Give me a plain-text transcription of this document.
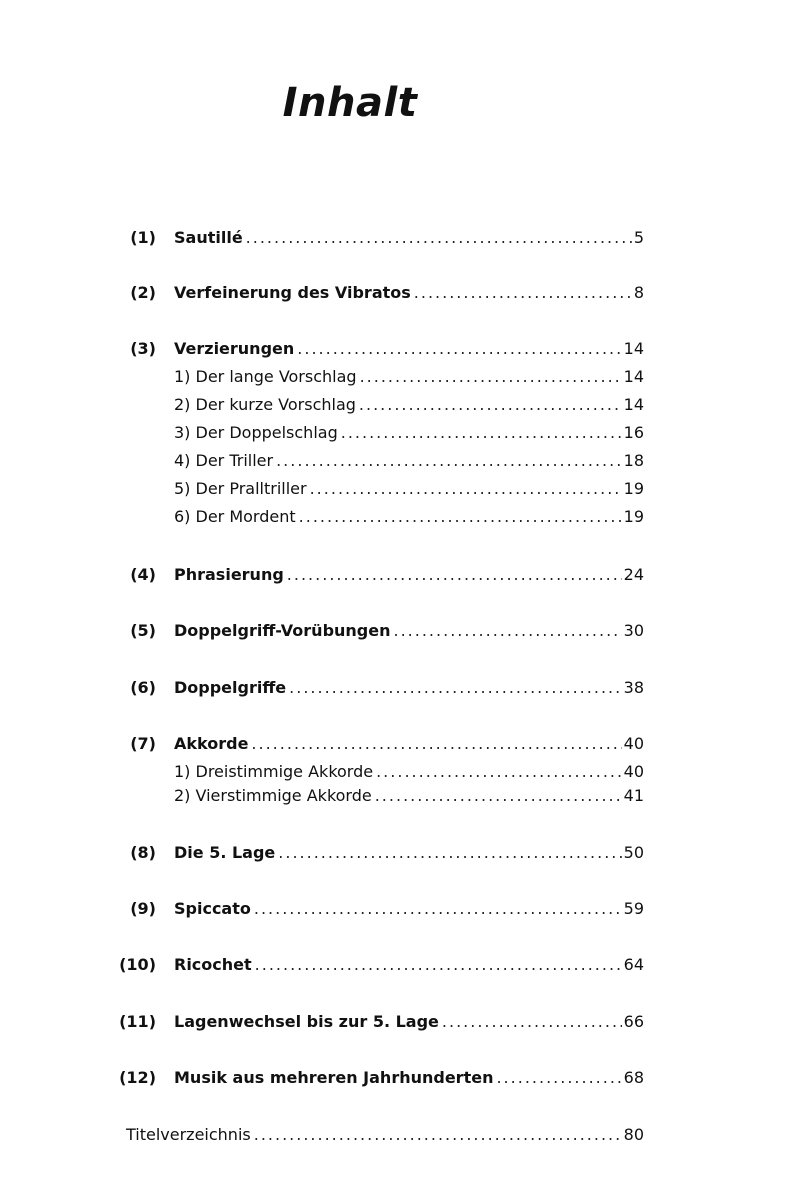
Inhalt
(1) Sautillé .....	5
(2) Verfeinerung des Vibratos .....	8
(3) Verzierungen .....	14
1) Der lange Vorschlag .....	14
2) Der kurze Vorschlag .....	14
3) Der Doppelschlag .....	16
4) Der Triller .....	18
5) Der Pralltriller .....	19
6) Der Mordent .....	19
(4) Phrasierung .....	24
(5) Doppelgriff-Vorübungen .....	30
(6) Doppelgriffe .....	38
(7) Akkorde .....	40
1) Dreistimmige Akkorde .....	40
2) Vierstimmige Akkorde .....	41
(8) Die 5. Lage .....	50
(9) Spiccato .....	59
(10) Ricochet .....	64
(11) Lagenwechsel bis zur 5. Lage .....	66
(12) Musik aus mehreren Jahrhunderten .....	68
Titelverzeichnis .....	80
